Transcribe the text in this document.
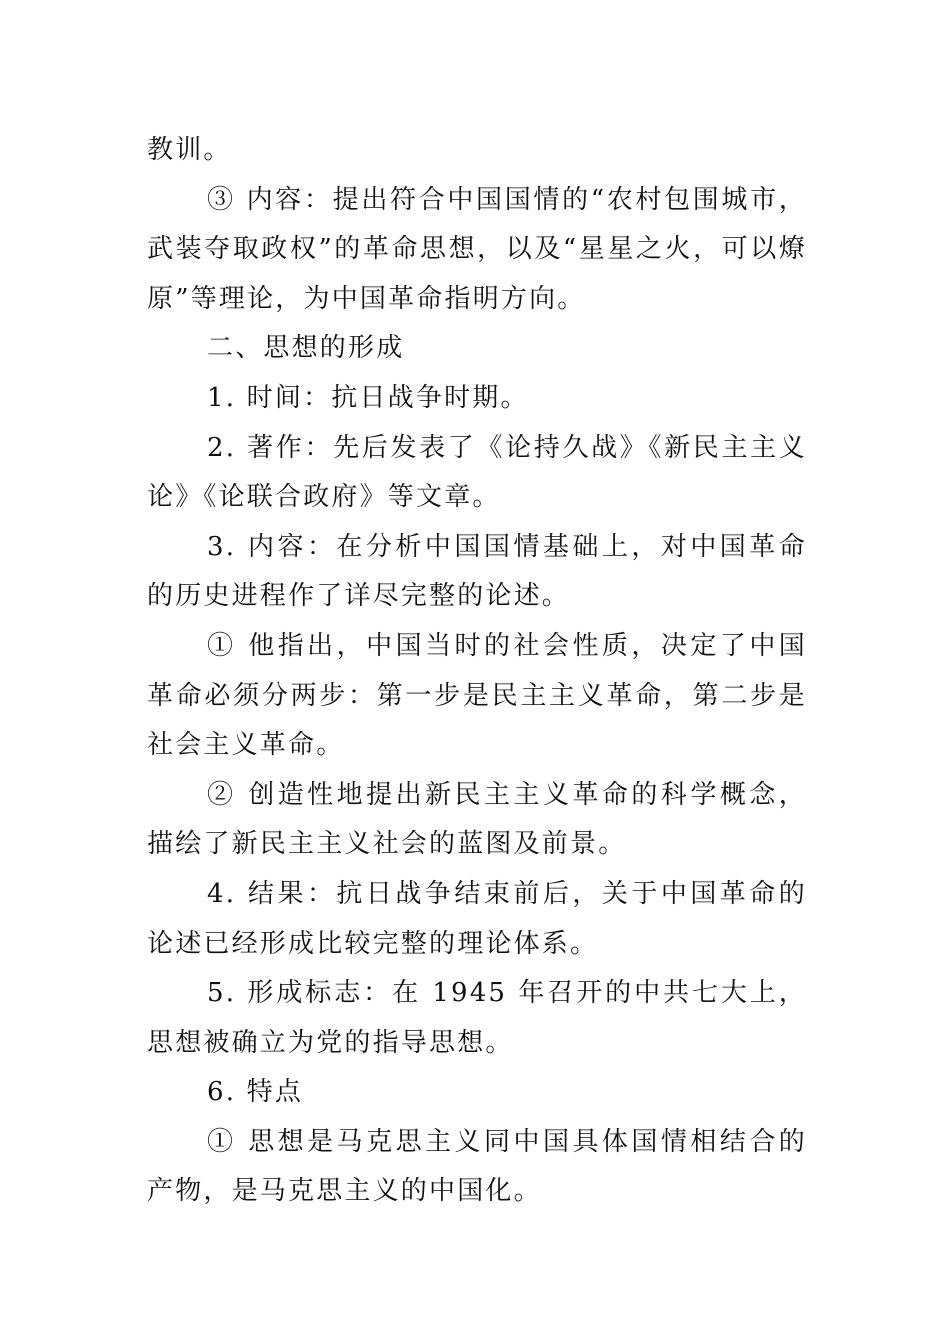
教训。

③ 内容：提出符合中国国情的“农村包围城市，武装夺取政权”的革命思想，以及“星星之火，可以燎原”等理论，为中国革命指明方向。

二、思想的形成

1. 时间：抗日战争时期。

2. 著作：先后发表了《论持久战》《新民主主义论》《论联合政府》等文章。

3. 内容：在分析中国国情基础上，对中国革命的历史进程作了详尽完整的论述。

① 他指出，中国当时的社会性质，决定了中国革命必须分两步：第一步是民主主义革命，第二步是社会主义革命。

② 创造性地提出新民主主义革命的科学概念，描绘了新民主主义社会的蓝图及前景。

4. 结果：抗日战争结束前后，关于中国革命的论述已经形成比较完整的理论体系。

5. 形成标志：在 1945 年召开的中共七大上，思想被确立为党的指导思想。

6. 特点

① 思想是马克思主义同中国具体国情相结合的产物，是马克思主义的中国化。
